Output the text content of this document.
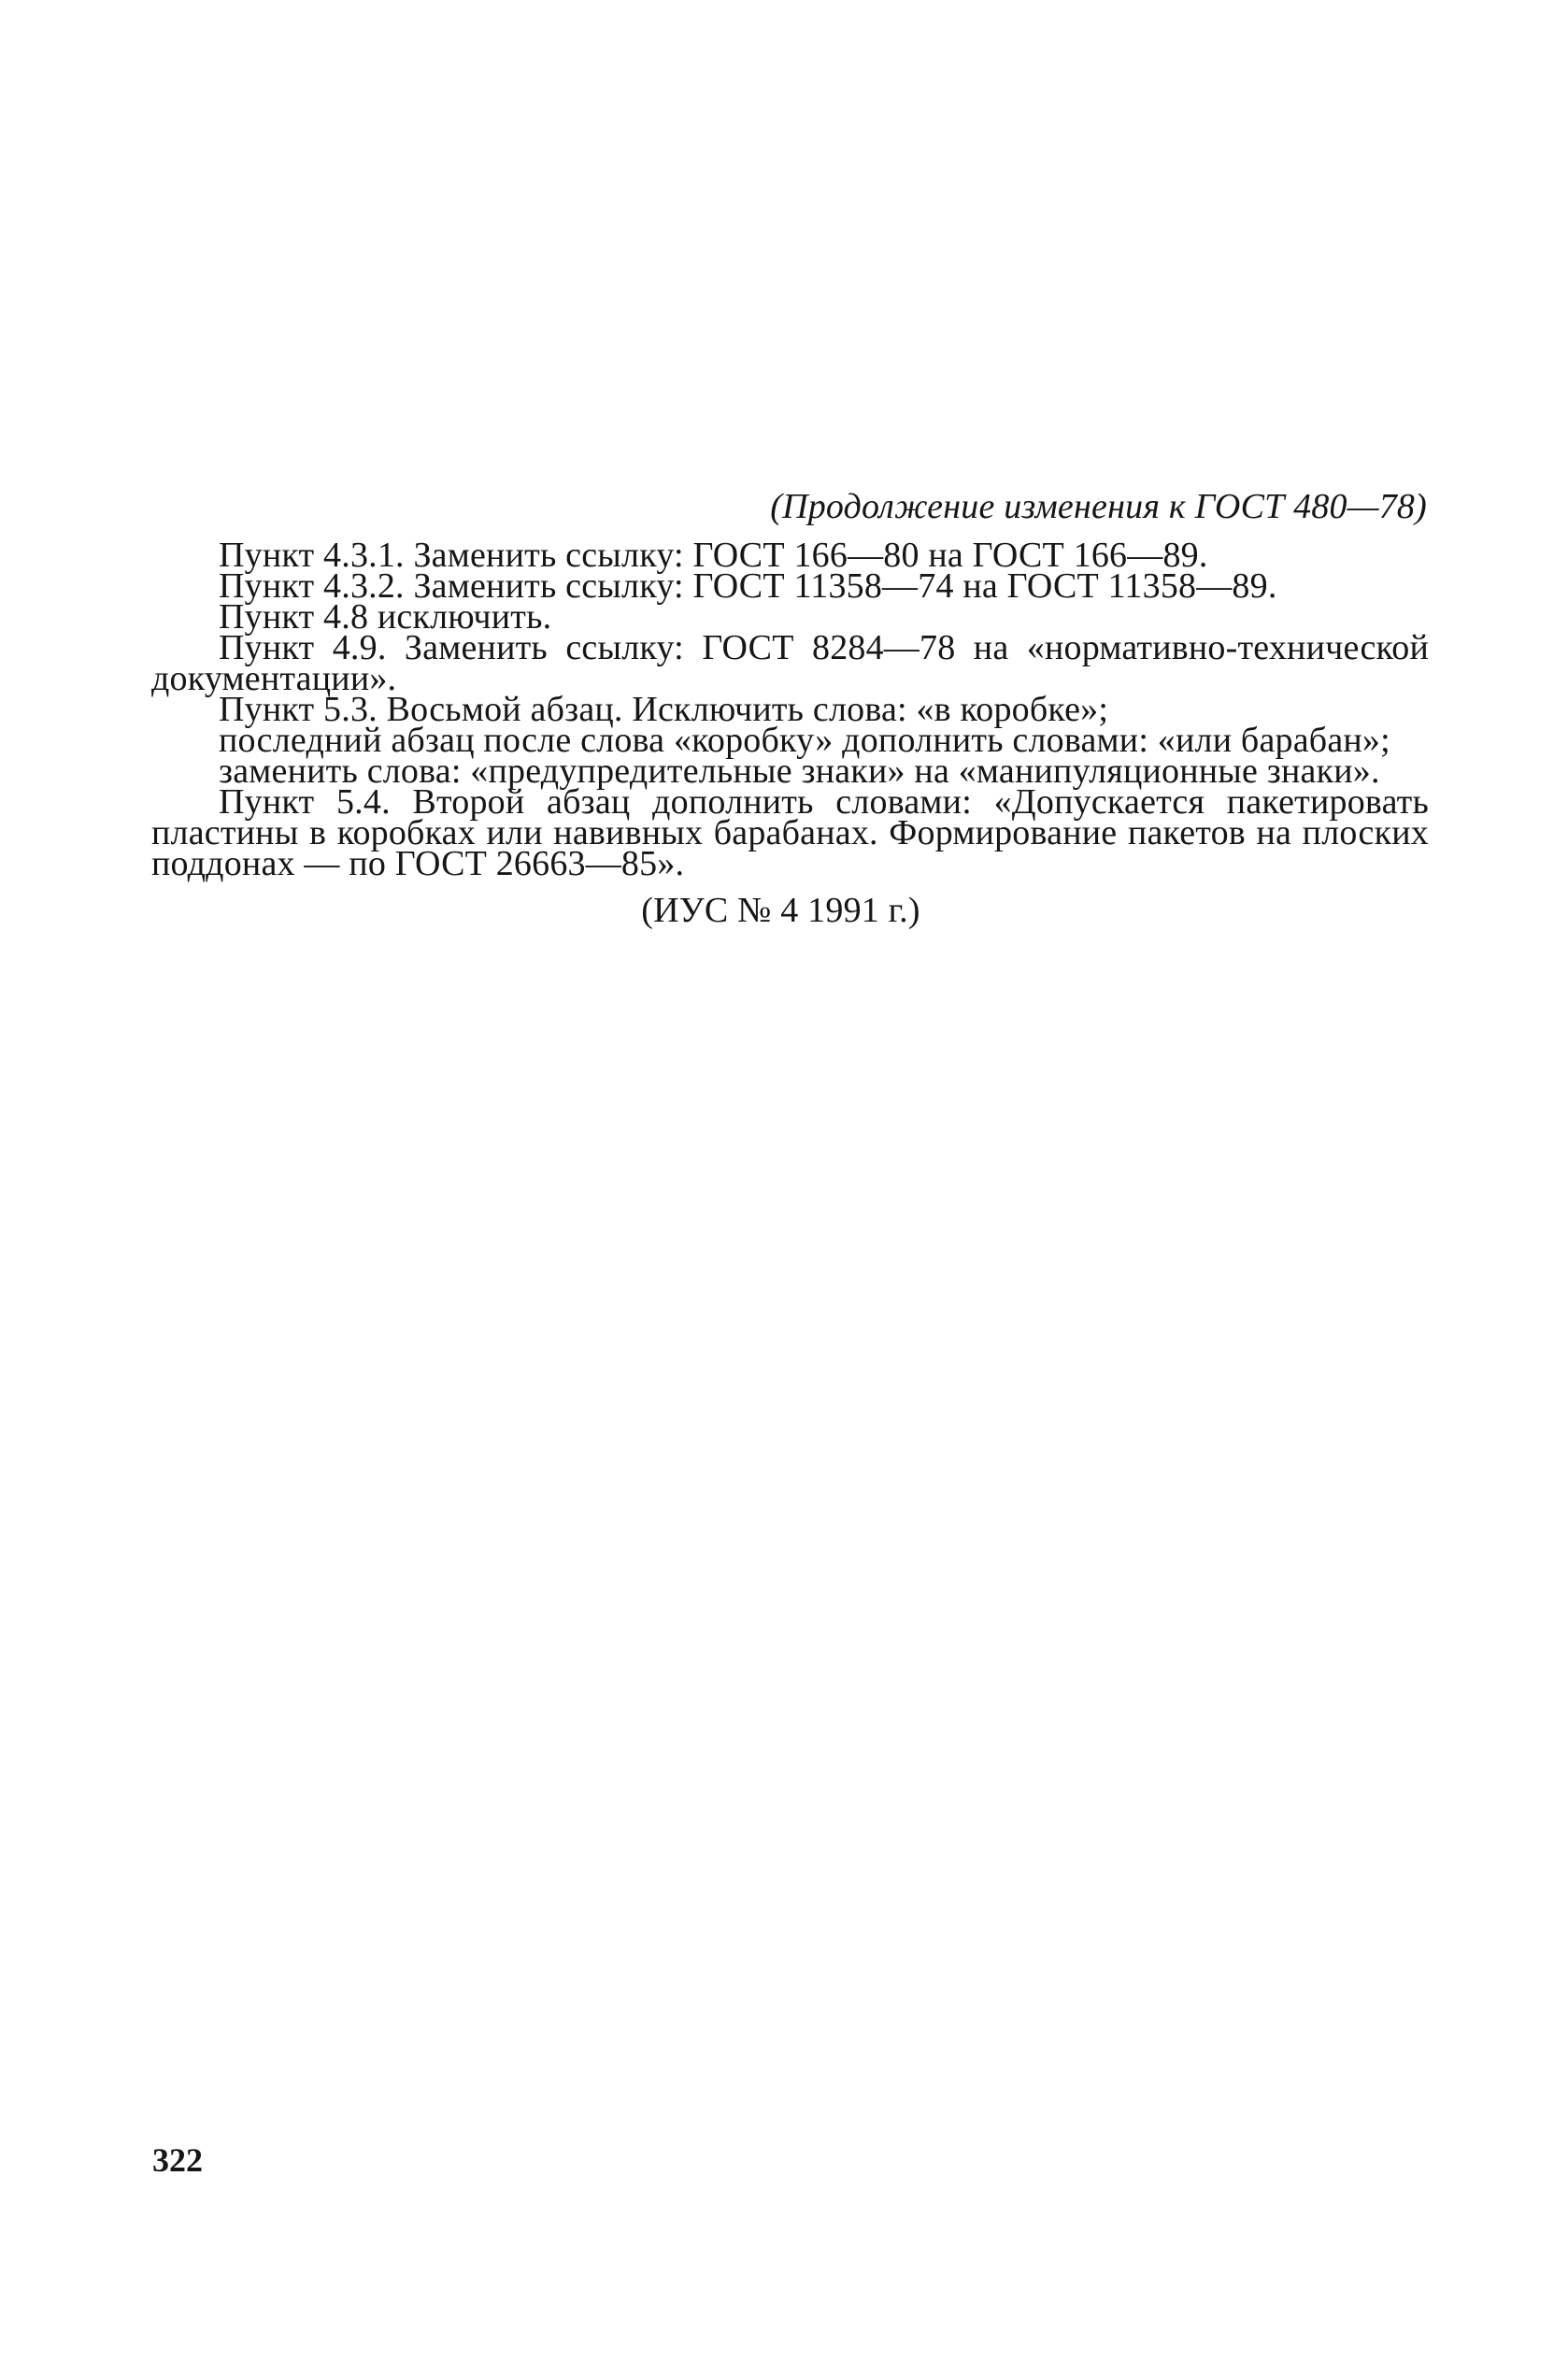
(Продолжение изменения к ГОСТ 480—78)

Пункт 4.3.1. Заменить ссылку: ГОСТ 166—80 на ГОСТ 166—89.

Пункт 4.3.2. Заменить ссылку: ГОСТ 11358—74 на ГОСТ 11358—89.

Пункт 4.8 исключить.

Пункт 4.9. Заменить ссылку: ГОСТ 8284—78 на «нормативно-технической документации».

Пункт 5.3. Восьмой абзац. Исключить слова: «в коробке»;

последний абзац после слова «коробку» дополнить словами: «или барабан»;

заменить слова: «предупредительные знаки» на «манипуляционные знаки».

Пункт 5.4. Второй абзац дополнить словами: «Допускается пакетировать пластины в коробках или навивных барабанах. Формирование пакетов на плоских поддонах — по ГОСТ 26663—85».

(ИУС № 4 1991 г.)
322
